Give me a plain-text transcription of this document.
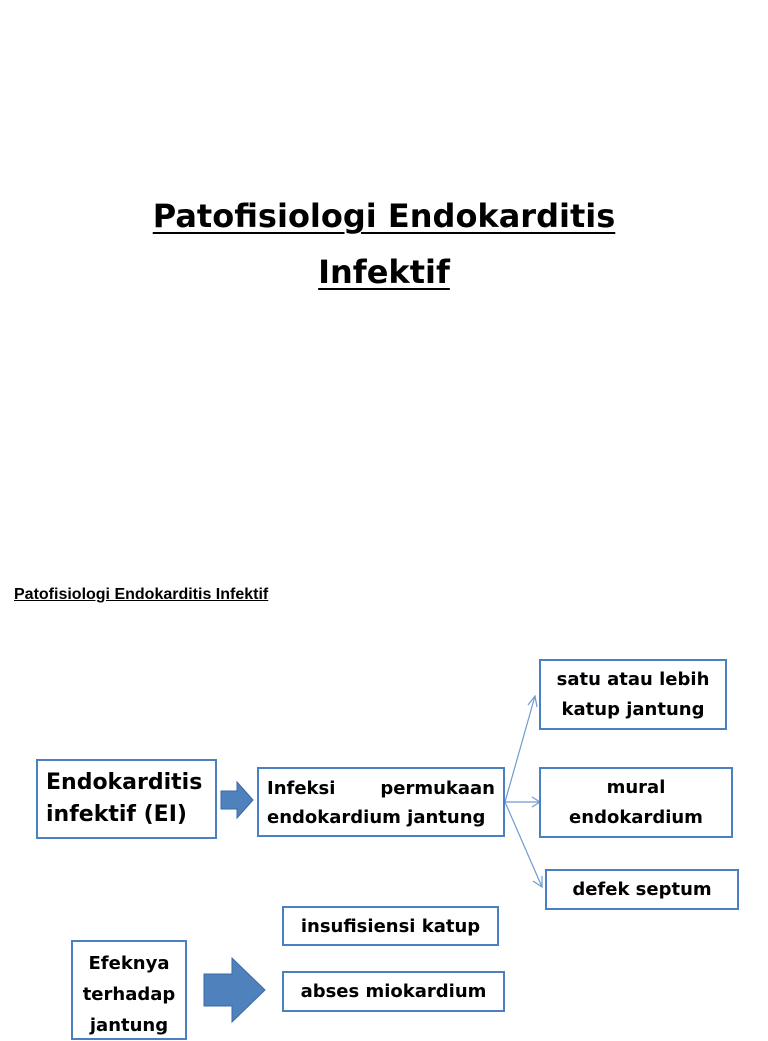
Patofisiologi Endokarditis
Infektif
Patofisiologi Endokarditis Infektif
Endokarditis
infektif (EI)
Infeksi permukaan
endokardium jantung
satu atau lebih
katup jantung
mural
endokardium
defek septum
Efeknya
terhadap
jantung
insufisiensi katup
abses miokardium
